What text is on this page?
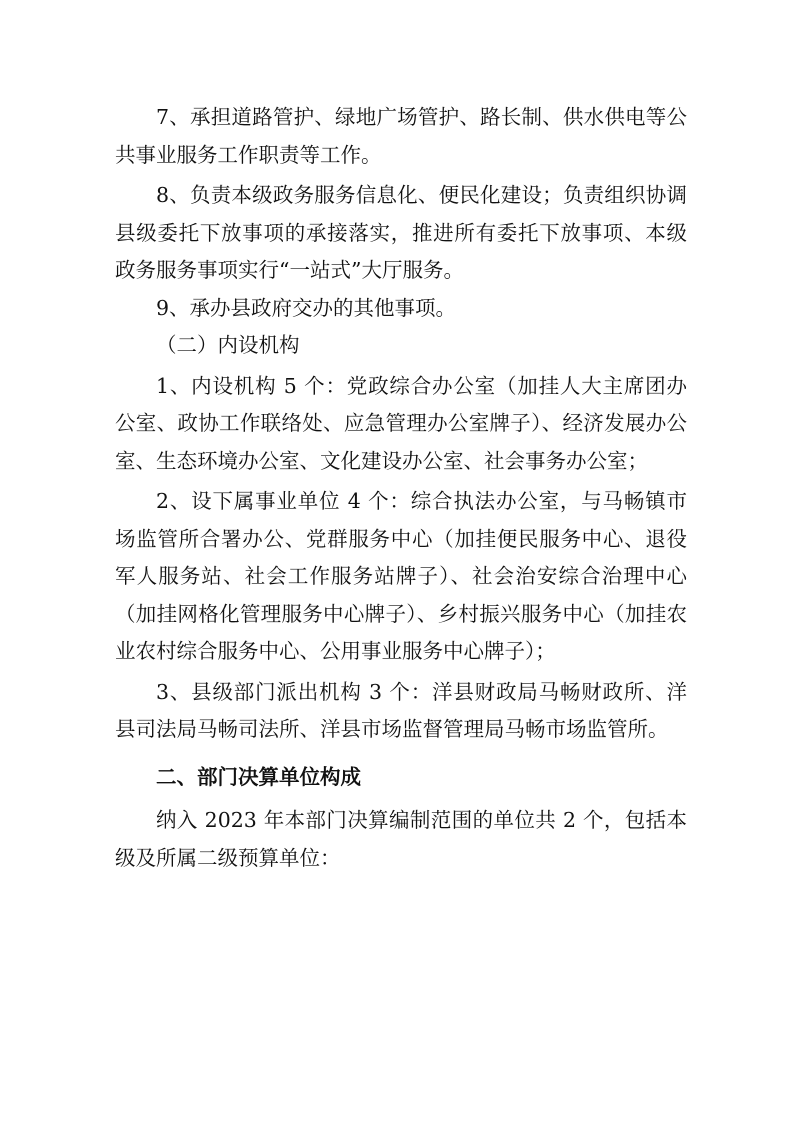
7、承担道路管护、绿地广场管护、路长制、供水供电等公共事业服务工作职责等工作。

8、负责本级政务服务信息化、便民化建设；负责组织协调县级委托下放事项的承接落实，推进所有委托下放事项、本级政务服务事项实行“一站式”大厅服务。

9、承办县政府交办的其他事项。

（二）内设机构

1、内设机构 5 个：党政综合办公室（加挂人大主席团办公室、政协工作联络处、应急管理办公室牌子）、经济发展办公室、生态环境办公室、文化建设办公室、社会事务办公室；

2、设下属事业单位 4 个：综合执法办公室，与马畅镇市场监管所合署办公、党群服务中心（加挂便民服务中心、退役军人服务站、社会工作服务站牌子）、社会治安综合治理中心（加挂网格化管理服务中心牌子）、乡村振兴服务中心（加挂农业农村综合服务中心、公用事业服务中心牌子）；

3、县级部门派出机构 3 个：洋县财政局马畅财政所、洋县司法局马畅司法所、洋县市场监督管理局马畅市场监管所。

二、部门决算单位构成

纳入 2023 年本部门决算编制范围的单位共 2 个，包括本级及所属二级预算单位：
